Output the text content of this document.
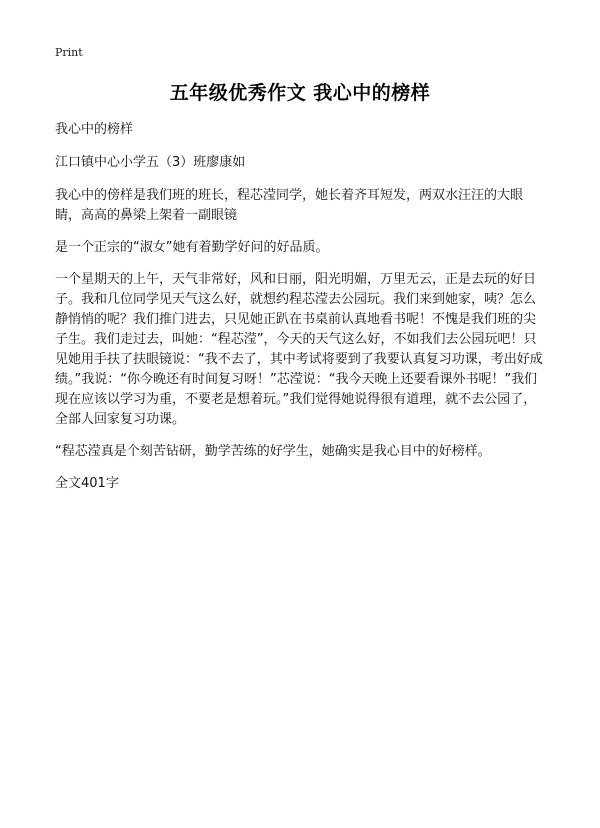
Print
五年级优秀作文 我心中的榜样

我心中的榜样

江口镇中心小学五（3）班廖康如

我心中的傍样是我们班的班长，程芯滢同学，她长着齐耳短发，两双水汪汪的大眼睛，高高的鼻梁上架着一副眼镜

是一个正宗的“淑女”她有着勤学好问的好品质。

一个星期天的上午，天气非常好，风和日丽，阳光明媚，万里无云，正是去玩的好日子。我和几位同学见天气这么好，就想约程芯滢去公园玩。我们来到她家，咦？怎么静悄悄的呢？我们推门进去，只见她正趴在书桌前认真地看书呢！不愧是我们班的尖子生。我们走过去，叫她：“程芯滢”，今天的天气这么好，不如我们去公园玩吧！只见她用手扶了扶眼镜说：“我不去了，其中考试将要到了我要认真复习功课，考出好成绩。”我说：“你今晚还有时间复习呀！”芯滢说：“我今天晚上还要看课外书呢！”我们现在应该以学习为重，不要老是想着玩。”我们觉得她说得很有道理，就不去公园了，全部人回家复习功课。

“程芯滢真是个刻苦钻研，勤学苦练的好学生，她确实是我心目中的好榜样。

全文401字
